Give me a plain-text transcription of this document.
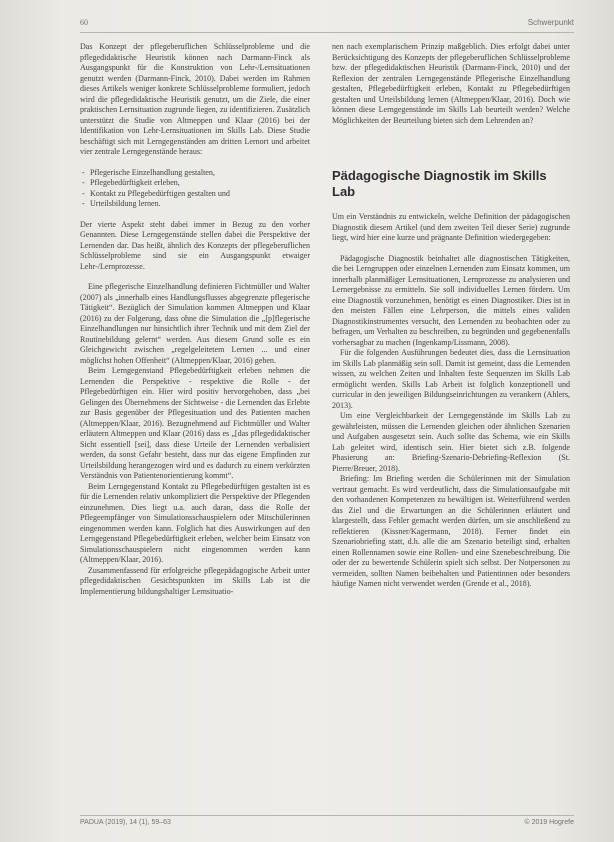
60	Schwerpunkt

Das Konzept der pflegeberuflichen Schlüsselprobleme und die pflegedidaktische Heuristik können nach Darmann-Finck als Ausgangspunkt für die Konstruktion von Lehr-/Lernsituationen genutzt werden (Darmann-Finck, 2010). Dabei werden im Rahmen dieses Artikels weniger konkrete Schlüsselprobleme formuliert, jedoch wird die pflegedidaktische Heuristik genutzt, um die Ziele, die einer praktischen Lernsituation zugrunde liegen, zu identifizieren. Zusätzlich unterstützt die Studie von Altmeppen und Klaar (2016) bei der Identifikation von Lehr-Lernsituationen im Skills Lab. Diese Studie beschäftigt sich mit Lerngegenständen am dritten Lernort und arbeitet vier zentrale Lerngegenstände heraus:

- Pflegerische Einzelhandlung gestalten,
- Pflegebedürftigkeit erleben,
- Kontakt zu Pflegebedürftigen gestalten und
- Urteilsbildung lernen.

Der vierte Aspekt steht dabei immer in Bezug zu den vorher Genannten. Diese Lerngegenstände stellen dabei die Perspektive der Lernenden dar. Das heißt, ähnlich des Konzepts der pflegeberuflichen Schlüsselprobleme sind sie ein Ausgangspunkt etwaiger Lehr-/Lernprozesse.

Eine pflegerische Einzelhandlung definieren Fichtmüller und Walter (2007) als „innerhalb eines Handlungsflusses abgegrenzte pflegerische Tätigkeit“. Bezüglich der Simulation kommen Altmeppen und Klaar (2016) zu der Folgerung, dass ohne die Simulation die „[p]flegerische Einzelhandlungen nur hinsichtlich ihrer Technik und mit dem Ziel der Routinebildung gelernt“ werden. Aus diesem Grund solle es ein Gleichgewicht zwischen „regelgeleitetem Lernen ... und einer möglichst hohen Offenheit“ (Altmeppen/Klaar, 2016) geben.

Beim Lerngegenstand Pflegebedürftigkeit erleben nehmen die Lernenden die Perspektive - respektive die Rolle - der Pflegebedürftigen ein. Hier wird positiv hervorgehoben, dass „bei Gelingen des Übernehmens der Sichtweise - die Lernenden das Erlebte zur Basis gegenüber der Pflegesituation und des Patienten machen (Altmeppen/Klaar, 2016). Bezugnehmend auf Fichtmüller und Walter erläutern Altmeppen und Klaar (2016) dass es „[das pflegedidaktischer Sicht essentiell [sei], dass diese Urteile der Lernenden verbalisiert werden, da sonst Gefahr besteht, dass nur das eigene Empfinden zur Urteilsbildung herangezogen wird und es dadurch zu einem verkürzten Verständnis von Patientenorientierung kommt“.

Beim Lerngegenstand Kontakt zu Pflegebedürftigen gestalten ist es für die Lernenden relativ unkompliziert die Perspektive der Pflegenden einzunehmen. Dies liegt u.a. auch daran, dass die Rolle der Pflegeempfänger von Simulationsschauspielern oder Mitschülerinnen eingenommen werden kann. Folglich hat dies Auswirkungen auf den Lerngegenstand Pflegebedürftigkeit erleben, welcher beim Einsatz von Simulationsschauspielern nicht eingenommen werden kann (Altmeppen/Klaar, 2016).

Zusammenfassend für erfolgreiche pflegepädagogische Arbeit unter pflegedidaktischen Gesichtspunkten im Skills Lab ist die Implementierung bildungshaltiger Lernsituatio-

nen nach exemplarischem Prinzip maßgeblich. Dies erfolgt dabei unter Berücksichtigung des Konzepts der pflegeberuflichen Schlüsselprobleme bzw. der pflegedidaktischen Heuristik (Darmann-Finck, 2010) und der Reflexion der zentralen Lerngegenstände Pflegerische Einzelhandlung gestalten, Pflegebedürftigkeit erleben, Kontakt zu Pflegebedürftigen gestalten und Urteilsbildung lernen (Altmeppen/Klaar, 2016). Doch wie können diese Lerngegenstände im Skills Lab beurteilt werden? Welche Möglichkeiten der Beurteilung bieten sich dem Lehrenden an?

Pädagogische Diagnostik im Skills Lab

Um ein Verständnis zu entwickeln, welche Definition der pädagogischen Diagnostik diesem Artikel (und dem zweiten Teil dieser Serie) zugrunde liegt, wird hier eine kurze und prägnante Definition wiedergegeben:

Pädagogische Diagnostik beinhaltet alle diagnostischen Tätigkeiten, die bei Lerngruppen oder einzelnen Lernenden zum Einsatz kommen, um innerhalb planmäßiger Lernsituationen, Lernprozesse zu analysieren und Lernergebnisse zu ermitteln. Sie soll individuelles Lernen fördern. Um eine Diagnostik vorzunehmen, benötigt es einen Diagnostiker. Dies ist in den meisten Fällen eine Lehrperson, die mittels eines validen Diagnostikinstrumentes versucht, den Lernenden zu beobachten oder zu befragen, um Verhalten zu beschreiben, zu begründen und gegebenenfalls vorhersagbar zu machen (Ingenkamp/Lissmann, 2008).

Für die folgenden Ausführungen bedeutet dies, dass die Lernsituation im Skills Lab planmäßig sein soll. Damit ist gemeint, dass die Lernenden wissen, zu welchen Zeiten und Inhalten feste Sequenzen im Skills Lab ermöglicht werden. Skills Lab Arbeit ist folglich konzeptionell und curricular in den jeweiligen Bildungseinrichtungen zu verankern (Ahlers, 2013).

Um eine Vergleichbarkeit der Lerngegenstände im Skills Lab zu gewährleisten, müssen die Lernenden gleichen oder ähnlichen Szenarien und Aufgaben ausgesetzt sein. Auch sollte das Schema, wie ein Skills Lab geleitet wird, identisch sein. Hier bietet sich z.B. folgende Phasierung an: Briefing-Szenario-Debriefing-Reflexion (St. Pierre/Breuer, 2018).

Briefing: Im Briefing werden die Schülerinnen mit der Simulation vertraut gemacht. Es wird verdeutlicht, dass die Simulationsaufgabe mit den vorhandenen Kompetenzen zu bewältigen ist. Weiterführend werden das Ziel und die Erwartungen an die Schülerinnen erläutert und klargestellt, dass Fehler gemacht werden dürfen, um sie anschließend zu reflektieren (Kissner/Kagermann, 2018). Ferner findet ein Szenariobriefing statt, d.h. alle die am Szenario beteiligt sind, erhalten einen Rollennamen sowie eine Rollen- und eine Szenebeschreibung. Die oder der zu bewertende Schülerin spielt sich selbst. Der Notpersonen zu vermeiden, sollten Namen beibehalten und Patientinnen oder besonders häufige Namen nicht verwendet werden (Grende et al., 2018).

PADUA (2019), 14 (1), 59–63	© 2019 Hogrefe
